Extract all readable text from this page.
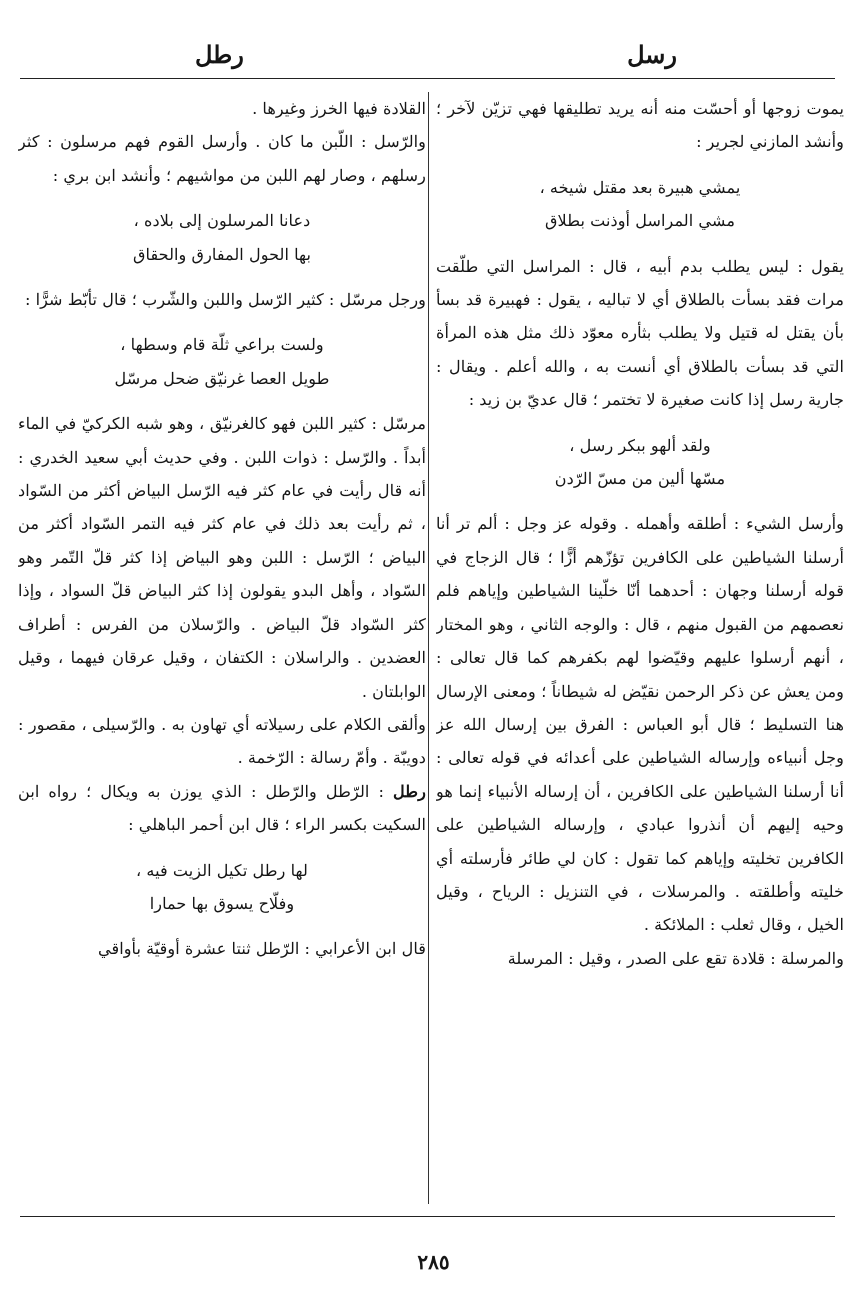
رسل
رطل

يموت زوجها أو أحسّت منه أنه يريد تطليقها فهي تزيّن لآخر ؛ وأنشد المازني لجرير :

يمشي هبيرة بعد مقتل شيخه ،

مشي المراسل أوذنت بطلاق

يقول : ليس يطلب بدم أبيه ، قال : المراسل التي طلّقت مرات فقد بسأت بالطلاق أي لا تباليه ، يقول : فهبيرة قد بسأ بأن يقتل له قتيل ولا يطلب بثأره معوّد ذلك مثل هذه المرأة التي قد بسأت بالطلاق أي أنست به ، والله أعلم . ويقال : جارية رسل إذا كانت صغيرة لا تختمر ؛ قال عديّ بن زيد :

ولقد ألهو ببكر رسل ،

مسّها ألين من مسّ الرّدن

وأرسل الشيء : أطلقه وأهمله . وقوله عز وجل : ألم تر أنا أرسلنا الشياطين على الكافرين تؤزّهم أزًّا ؛ قال الزجاج في قوله أرسلنا وجهان : أحدهما أنّا خلّينا الشياطين وإياهم فلم نعصمهم من القبول منهم ، قال : والوجه الثاني ، وهو المختار ، أنهم أرسلوا عليهم وقيّضوا لهم بكفرهم كما قال تعالى : ومن يعش عن ذكر الرحمن نقيّض له شيطاناً ؛ ومعنى الإرسال هنا التسليط ؛ قال أبو العباس : الفرق بين إرسال الله عز وجل أنبياءه وإرساله الشياطين على أعدائه في قوله تعالى : أنا أرسلنا الشياطين على الكافرين ، أن إرساله الأنبياء إنما هو وحيه إليهم أن أنذروا عبادي ، وإرساله الشياطين على الكافرين تخليته وإياهم كما تقول : كان لي طائر فأرسلته أي خليته وأطلقته . والمرسلات ، في التنزيل : الرياح ، وقيل الخيل ، وقال ثعلب : الملائكة .

والمرسلة : قلادة تقع على الصدر ، وقيل : المرسلة

القلادة فيها الخرز وغيرها .

والرّسل : اللّبن ما كان . وأرسل القوم فهم مرسلون : كثر رسلهم ، وصار لهم اللبن من مواشيهم ؛ وأنشد ابن بري :

دعانا المرسلون إلى بلاده ،

بها الحول المفارق والحقاق

ورجل مرسّل : كثير الرّسل واللبن والشّرب ؛ قال تأبّط شرًّا :

ولست براعي ثلّة قام وسطها ،

طويل العصا غرنيّق ضحل مرسّل

مرسّل : كثير اللبن فهو كالغرنيّق ، وهو شبه الكركيّ في الماء أبداً . والرّسل : ذوات اللبن . وفي حديث أبي سعيد الخدري : أنه قال رأيت في عام كثر فيه الرّسل البياض أكثر من السّواد ، ثم رأيت بعد ذلك في عام كثر فيه التمر السّواد أكثر من البياض ؛ الرّسل : اللبن وهو البياض إذا كثر قلّ التّمر وهو السّواد ، وأهل البدو يقولون إذا كثر البياض قلّ السواد ، وإذا كثر السّواد قلّ البياض . والرّسلان من الفرس : أطراف العضدين . والراسلان : الكتفان ، وقيل عرقان فيهما ، وقيل الوابلتان .

وألقى الكلام على رسيلاته أي تهاون به . والرّسيلى ، مقصور : دويبّة . وأمّ رسالة : الرّخمة .

رطل : الرّطل والرّطل : الذي يوزن به ويكال ؛ رواه ابن السكيت بكسر الراء ؛ قال ابن أحمر الباهلي :

لها رطل تكيل الزيت فيه ،

وفلّاح يسوق بها حمارا

قال ابن الأعرابي : الرّطل ثنتا عشرة أوقيّة بأواقي

٢٨٥
